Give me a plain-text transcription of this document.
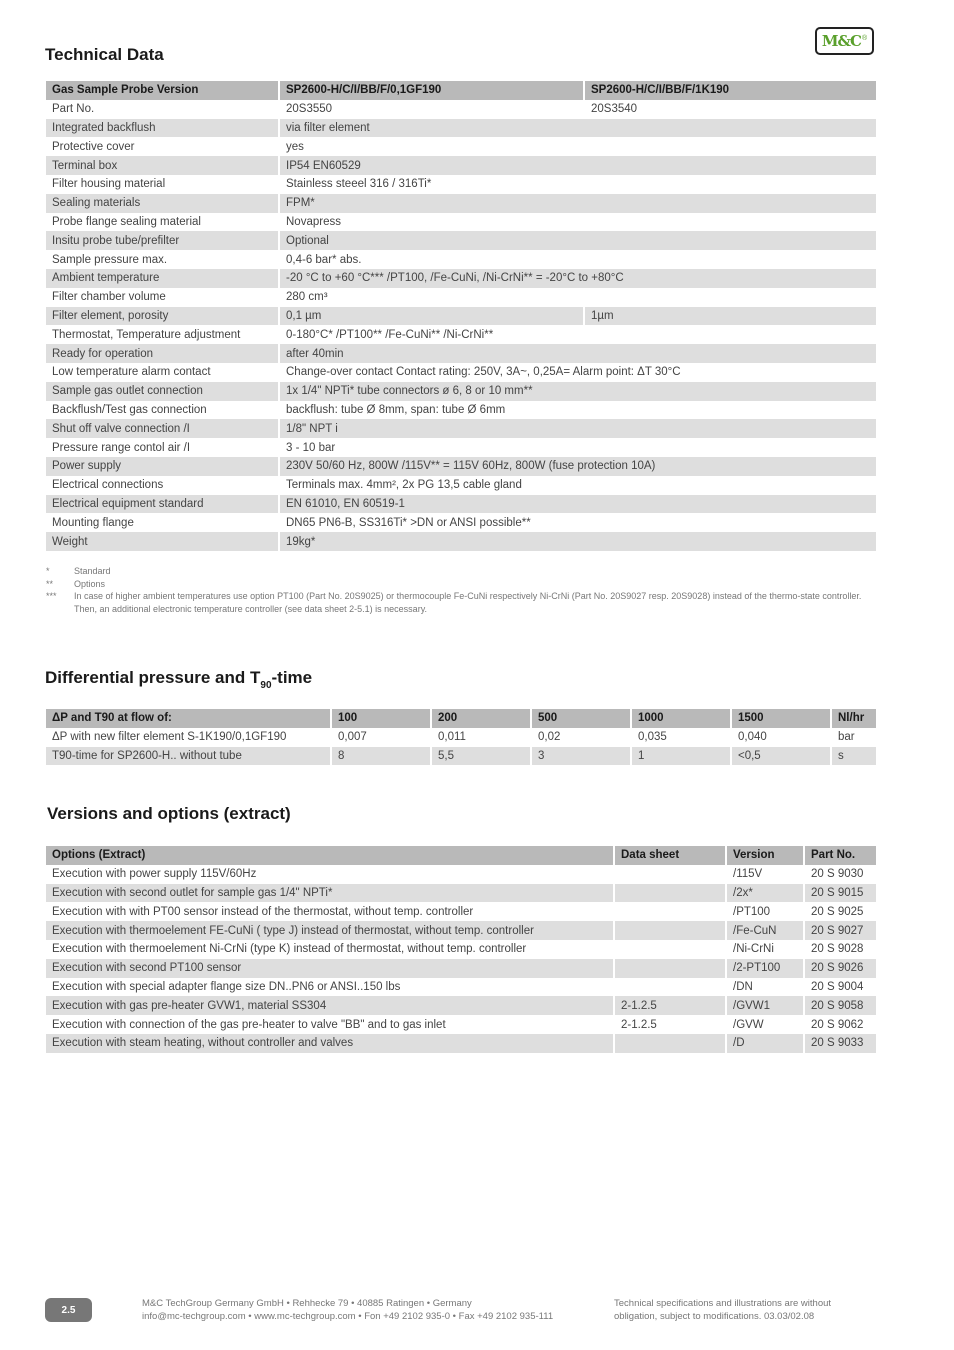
Technical Data
Differential pressure and $T_{90}$-time
Versions and options (extract)
M&C ®
Gas Sample Probe Version	SP2600-H/C/I/BB/F/0,1GF190	SP2600-H/C/I/BB/F/1K190
Part No.	20S3550	20S3540
Integrated backflush	via filter element	
Protective cover	yes	
Terminal box	IP54 EN60529	
Filter housing material	Stainless steeel 316 / 316Ti*	
Sealing materials	FPM*	
Probe flange sealing material	Novapress	
Insitu probe tube/prefilter	Optional	
Sample pressure max.	0,4-6 bar* abs.	
Ambient temperature	-20 °C to +60 °C*** /PT100, /Fe-CuNi, /Ni-CrNi** = -20°C to +80°C	
Filter chamber volume	280 cm³	
Filter element, porosity	0,1 µm	1µm
Thermostat, Temperature adjustment	0-180°C* /PT100** /Fe-CuNi** /Ni-CrNi**	
Ready for operation	after 40min	
Low temperature alarm contact	Change-over contact Contact rating: 250V, 3A~, 0,25A= Alarm point: ΔT 30°C	
Sample gas outlet connection	1x 1/4" NPTi* tube connectors ø 6, 8 or 10 mm**	
Backflush/Test gas connection	backflush: tube Ø 8mm, span: tube Ø 6mm	
Shut off valve connection /I	1/8" NPT i	
Pressure range contol air /I	3 - 10 bar	
Power supply	230V 50/60 Hz, 800W /115V** = 115V 60Hz, 800W (fuse protection 10A)	
Electrical connections	Terminals max. 4mm², 2x PG 13,5 cable gland	
Electrical equipment standard	EN 61010, EN 60519-1	
Mounting flange	DN65 PN6-B, SS316Ti* >DN or ANSI possible**	
Weight	19kg*	
*	Standard
**	Options
***	In case of higher ambient temperatures use option PT100 (Part No. 20S9025) or thermocouple Fe-CuNi respectively Ni-CrNi (Part No. 20S9027 resp. 20S9028) instead of the thermo-state controller. Then, an additional electronic temperature controller (see data sheet 2-5.1) is necessary.
ΔP and T90 at flow of:	100	200	500	1000	1500	Nl/hr
ΔP with new filter element S-1K190/0,1GF190	0,007	0,011	0,02	0,035	0,040	bar
T90-time for SP2600-H.. without tube	8	5,5	3	1	<0,5	s
Options (Extract)	Data sheet	Version	Part No.
Execution with power supply 115V/60Hz		/115V	20 S 9030
Execution with second outlet for sample gas 1/4" NPTi*		/2x*	20 S 9015
Execution with with PT00 sensor instead of the thermostat, without temp. controller		/PT100	20 S 9025
Execution with thermoelement FE-CuNi ( type J) instead of thermostat, without temp. controller		/Fe-CuN	20 S 9027
Execution with thermoelement Ni-CrNi (type K) instead of thermostat, without temp. controller		/Ni-CrNi	20 S 9028
Execution with second PT100 sensor		/2-PT100	20 S 9026
Execution with special adapter flange size DN..PN6 or ANSI..150 lbs		/DN	20 S 9004
Execution with gas pre-heater GVW1, material SS304	2-1.2.5	/GVW1	20 S 9058
Execution with connection of the gas pre-heater to valve "BB" and to gas inlet	2-1.2.5	/GVW	20 S 9062
Execution with steam heating, without controller and valves		/D	20 S 9033
2.5
M&C TechGroup Germany GmbH • Rehhecke 79 • 40885 Ratingen • Germany
info@mc-techgroup.com • www.mc-techgroup.com • Fon +49 2102 935-0 • Fax +49 2102 935-111
Technical specifications and illustrations are without
obligation, subject to modifications. 03.03/02.08
